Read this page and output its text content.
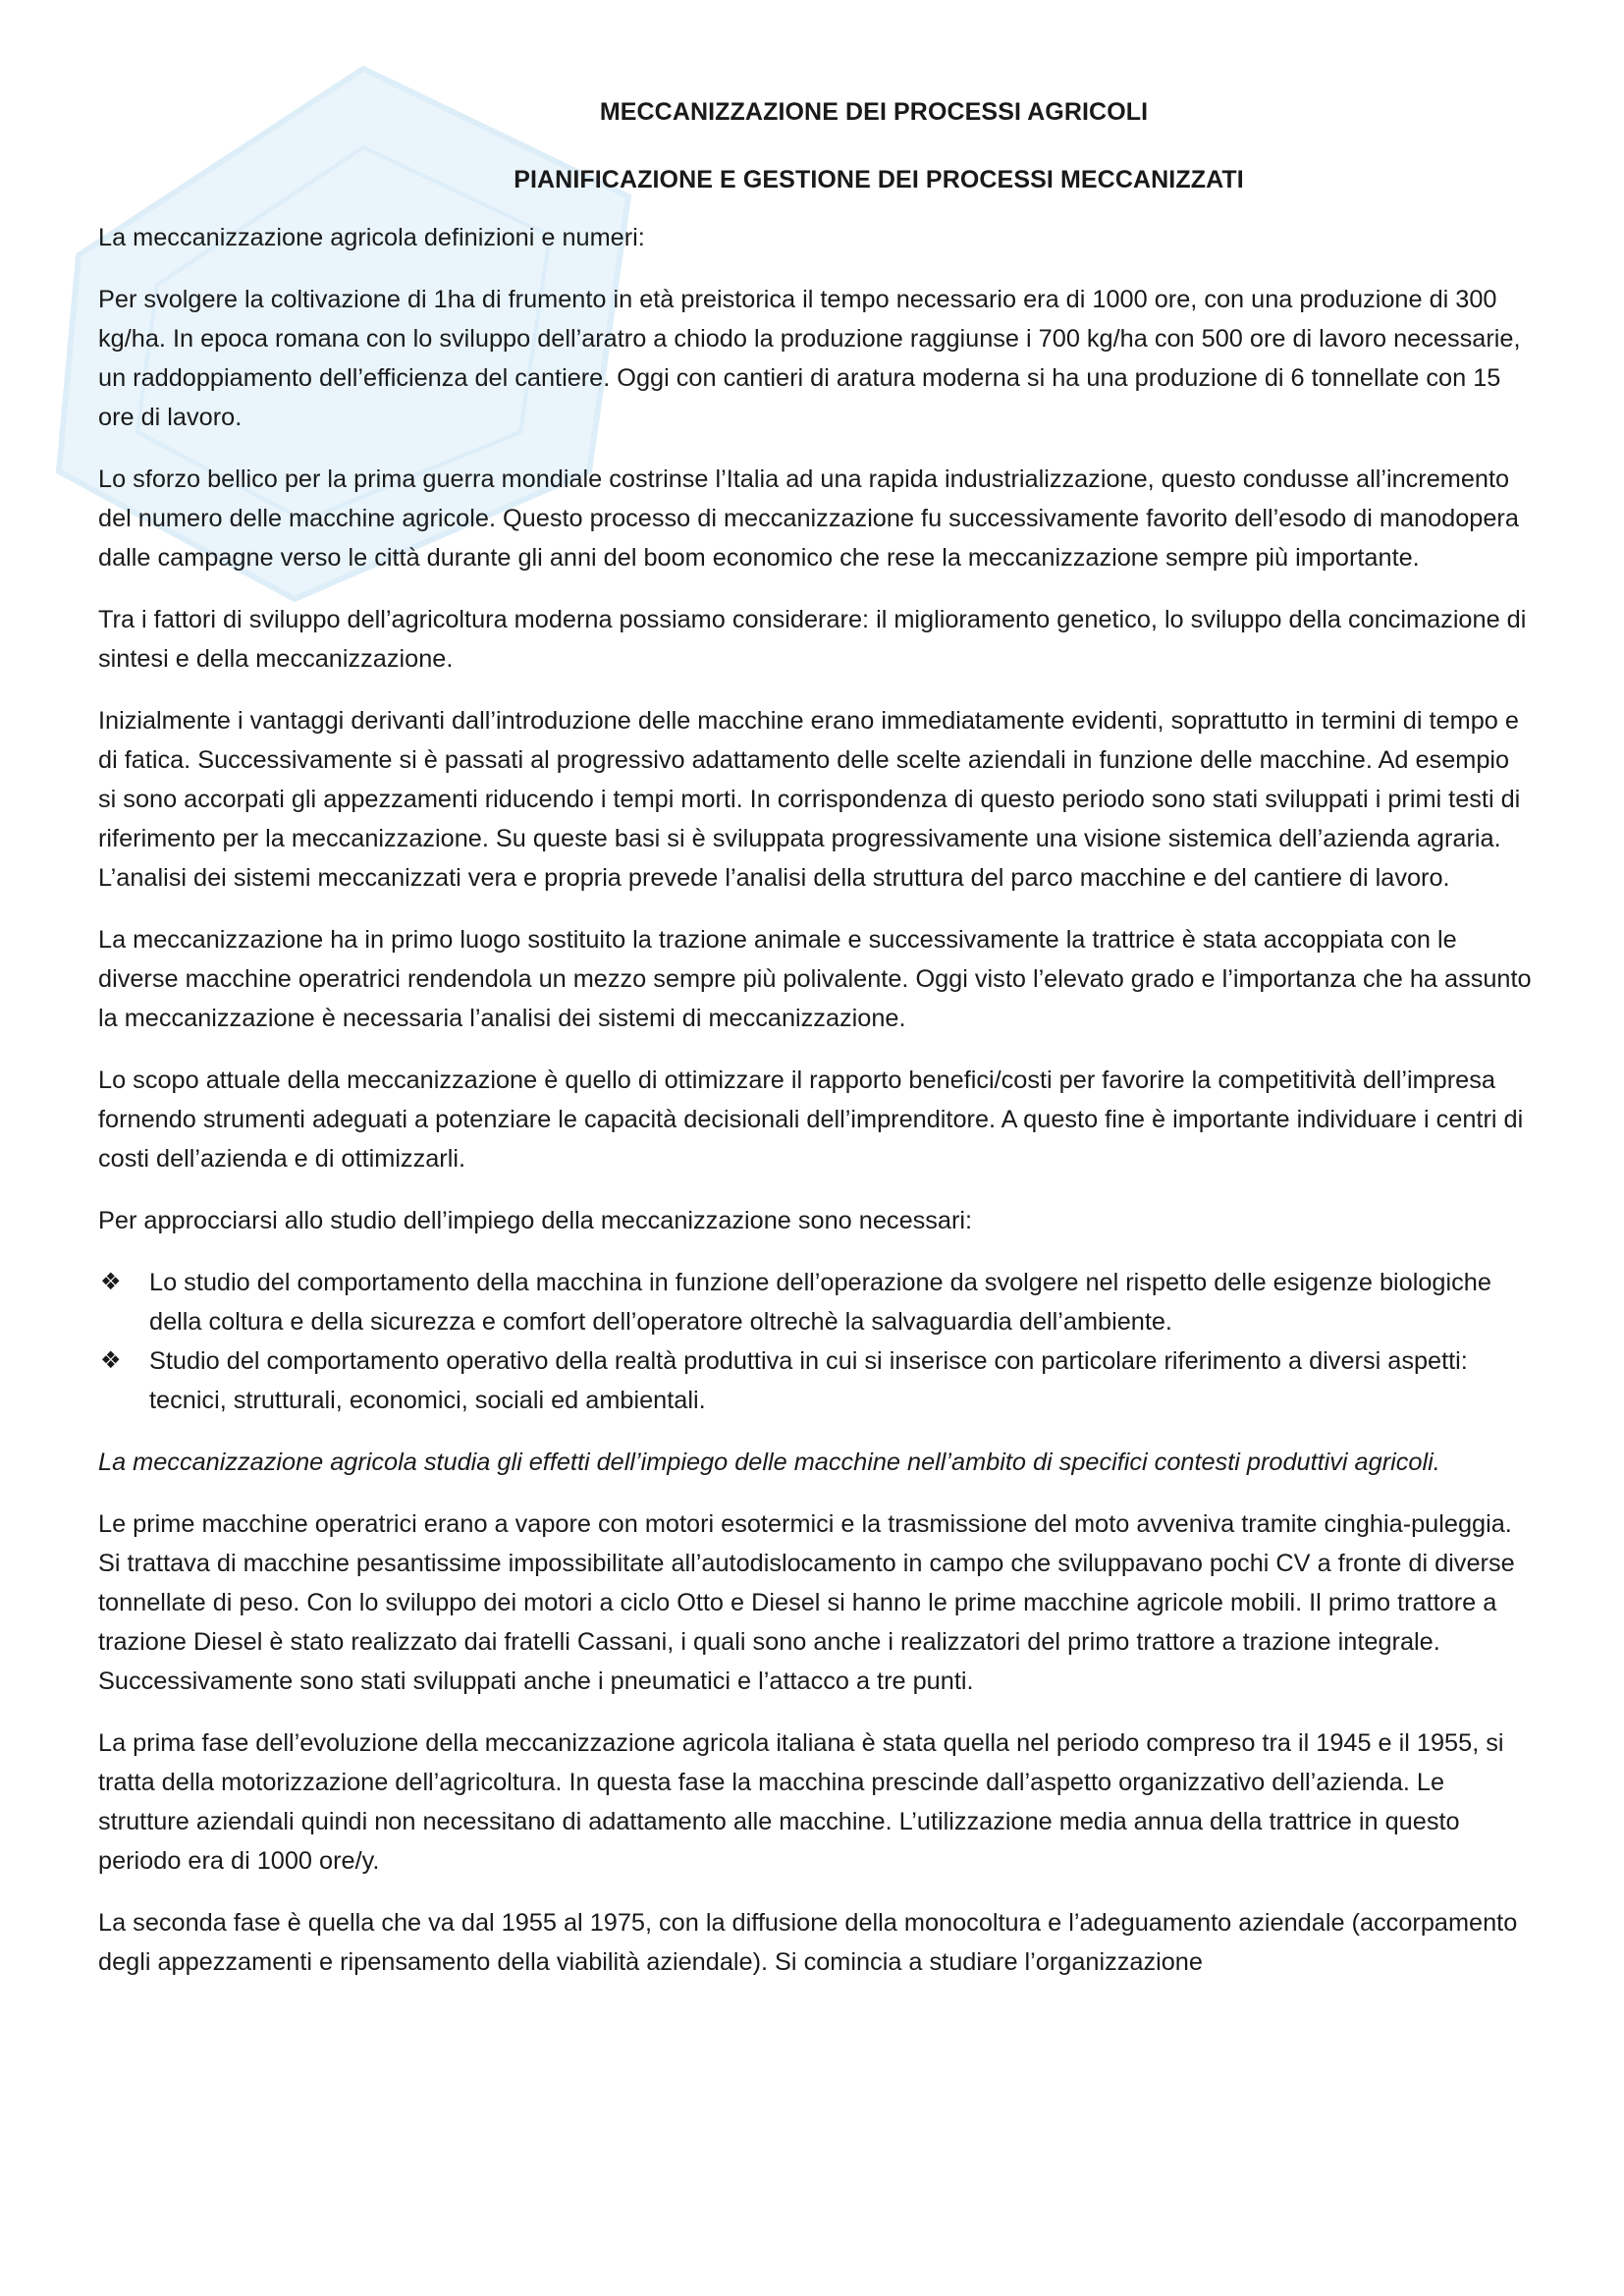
MECCANIZZAZIONE DEI PROCESSI AGRICOLI
PIANIFICAZIONE E GESTIONE DEI PROCESSI MECCANIZZATI

La meccanizzazione agricola definizioni e numeri:

Per svolgere la coltivazione di 1ha di frumento in età preistorica il tempo necessario era di 1000 ore, con una produzione di 300 kg/ha. In epoca romana con lo sviluppo dell’aratro a chiodo la produzione raggiunse i 700 kg/ha con 500 ore di lavoro necessarie, un raddoppiamento dell’efficienza del cantiere. Oggi con cantieri di aratura moderna si ha una produzione di 6 tonnellate con 15 ore di lavoro.

Lo sforzo bellico per la prima guerra mondiale costrinse l’Italia ad una rapida industrializzazione, questo condusse all’incremento del numero delle macchine agricole. Questo processo di meccanizzazione fu successivamente favorito dell’esodo di manodopera dalle campagne verso le città durante gli anni del boom economico che rese la meccanizzazione sempre più importante.

Tra i fattori di sviluppo dell’agricoltura moderna possiamo considerare: il miglioramento genetico, lo sviluppo della concimazione di sintesi e della meccanizzazione.

Inizialmente i vantaggi derivanti dall’introduzione delle macchine erano immediatamente evidenti, soprattutto in termini di tempo e di fatica. Successivamente si è passati al progressivo adattamento delle scelte aziendali in funzione delle macchine. Ad esempio si sono accorpati gli appezzamenti riducendo i tempi morti. In corrispondenza di questo periodo sono stati sviluppati i primi testi di riferimento per la meccanizzazione. Su queste basi si è sviluppata progressivamente una visione sistemica dell’azienda agraria. L’analisi dei sistemi meccanizzati vera e propria prevede l’analisi della struttura del parco macchine e del cantiere di lavoro.

La meccanizzazione ha in primo luogo sostituito la trazione animale e successivamente la trattrice è stata accoppiata con le diverse macchine operatrici rendendola un mezzo sempre più polivalente. Oggi visto l’elevato grado e l’importanza che ha assunto la meccanizzazione è necessaria l’analisi dei sistemi di meccanizzazione.

Lo scopo attuale della meccanizzazione è quello di ottimizzare il rapporto benefici/costi per favorire la competitività dell’impresa fornendo strumenti adeguati a potenziare le capacità decisionali dell’imprenditore. A questo fine è importante individuare i centri di costi dell’azienda e di ottimizzarli.

Per approcciarsi allo studio dell’impiego della meccanizzazione sono necessari:

❖ Lo studio del comportamento della macchina in funzione dell’operazione da svolgere nel rispetto delle esigenze biologiche della coltura e della sicurezza e comfort dell’operatore oltrechè la salvaguardia dell’ambiente.
❖ Studio del comportamento operativo della realtà produttiva in cui si inserisce con particolare riferimento a diversi aspetti: tecnici, strutturali, economici, sociali ed ambientali.

La meccanizzazione agricola studia gli effetti dell’impiego delle macchine nell’ambito di specifici contesti produttivi agricoli.

Le prime macchine operatrici erano a vapore con motori esotermici e la trasmissione del moto avveniva tramite cinghia-puleggia. Si trattava di macchine pesantissime impossibilitate all’autodislocamento in campo che sviluppavano pochi CV a fronte di diverse tonnellate di peso. Con lo sviluppo dei motori a ciclo Otto e Diesel si hanno le prime macchine agricole mobili. Il primo trattore a trazione Diesel è stato realizzato dai fratelli Cassani, i quali sono anche i realizzatori del primo trattore a trazione integrale. Successivamente sono stati sviluppati anche i pneumatici e l’attacco a tre punti.

La prima fase dell’evoluzione della meccanizzazione agricola italiana è stata quella nel periodo compreso tra il 1945 e il 1955, si tratta della motorizzazione dell’agricoltura. In questa fase la macchina prescinde dall’aspetto organizzativo dell’azienda. Le strutture aziendali quindi non necessitano di adattamento alle macchine. L’utilizzazione media annua della trattrice in questo periodo era di 1000 ore/y.

La seconda fase è quella che va dal 1955 al 1975, con la diffusione della monocoltura e l’adeguamento aziendale (accorpamento degli appezzamenti e ripensamento della viabilità aziendale). Si comincia a studiare l’organizzazione
